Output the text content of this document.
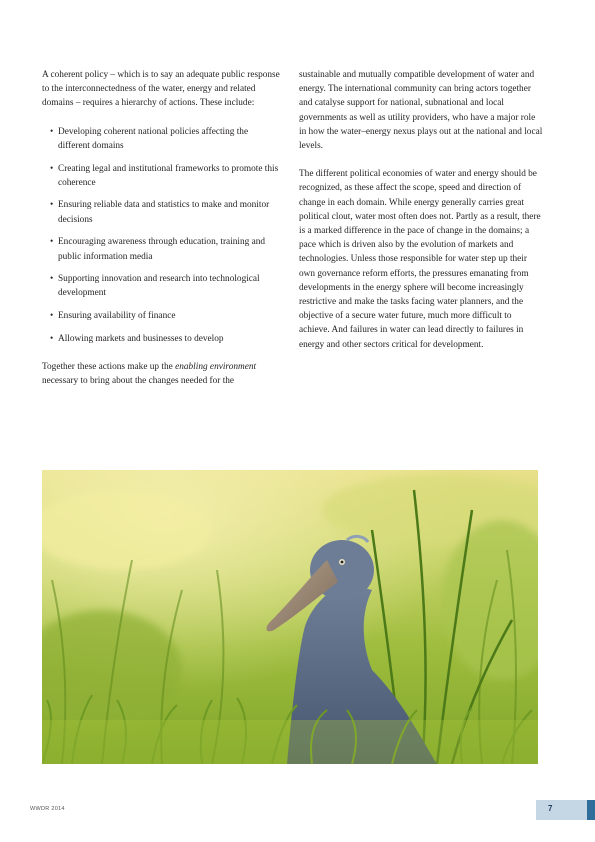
A coherent policy – which is to say an adequate public response to the interconnectedness of the water, energy and related domains – requires a hierarchy of actions. These include:

• Developing coherent national policies affecting the different domains
• Creating legal and institutional frameworks to promote this coherence
• Ensuring reliable data and statistics to make and monitor decisions
• Encouraging awareness through education, training and public information media
• Supporting innovation and research into technological development
• Ensuring availability of finance
• Allowing markets and businesses to develop

Together these actions make up the enabling environment necessary to bring about the changes needed for the

sustainable and mutually compatible development of water and energy. The international community can bring actors together and catalyse support for national, subnational and local governments as well as utility providers, who have a major role in how the water–energy nexus plays out at the national and local levels.

The different political economies of water and energy should be recognized, as these affect the scope, speed and direction of change in each domain. While energy generally carries great political clout, water most often does not. Partly as a result, there is a marked difference in the pace of change in the domains; a pace which is driven also by the evolution of markets and technologies. Unless those responsible for water step up their own governance reform efforts, the pressures emanating from developments in the energy sphere will become increasingly restrictive and make the tasks facing water planners, and the objective of a secure water future, much more difficult to achieve. And failures in water can lead directly to failures in energy and other sectors critical for development.

WWDR 2014	7
